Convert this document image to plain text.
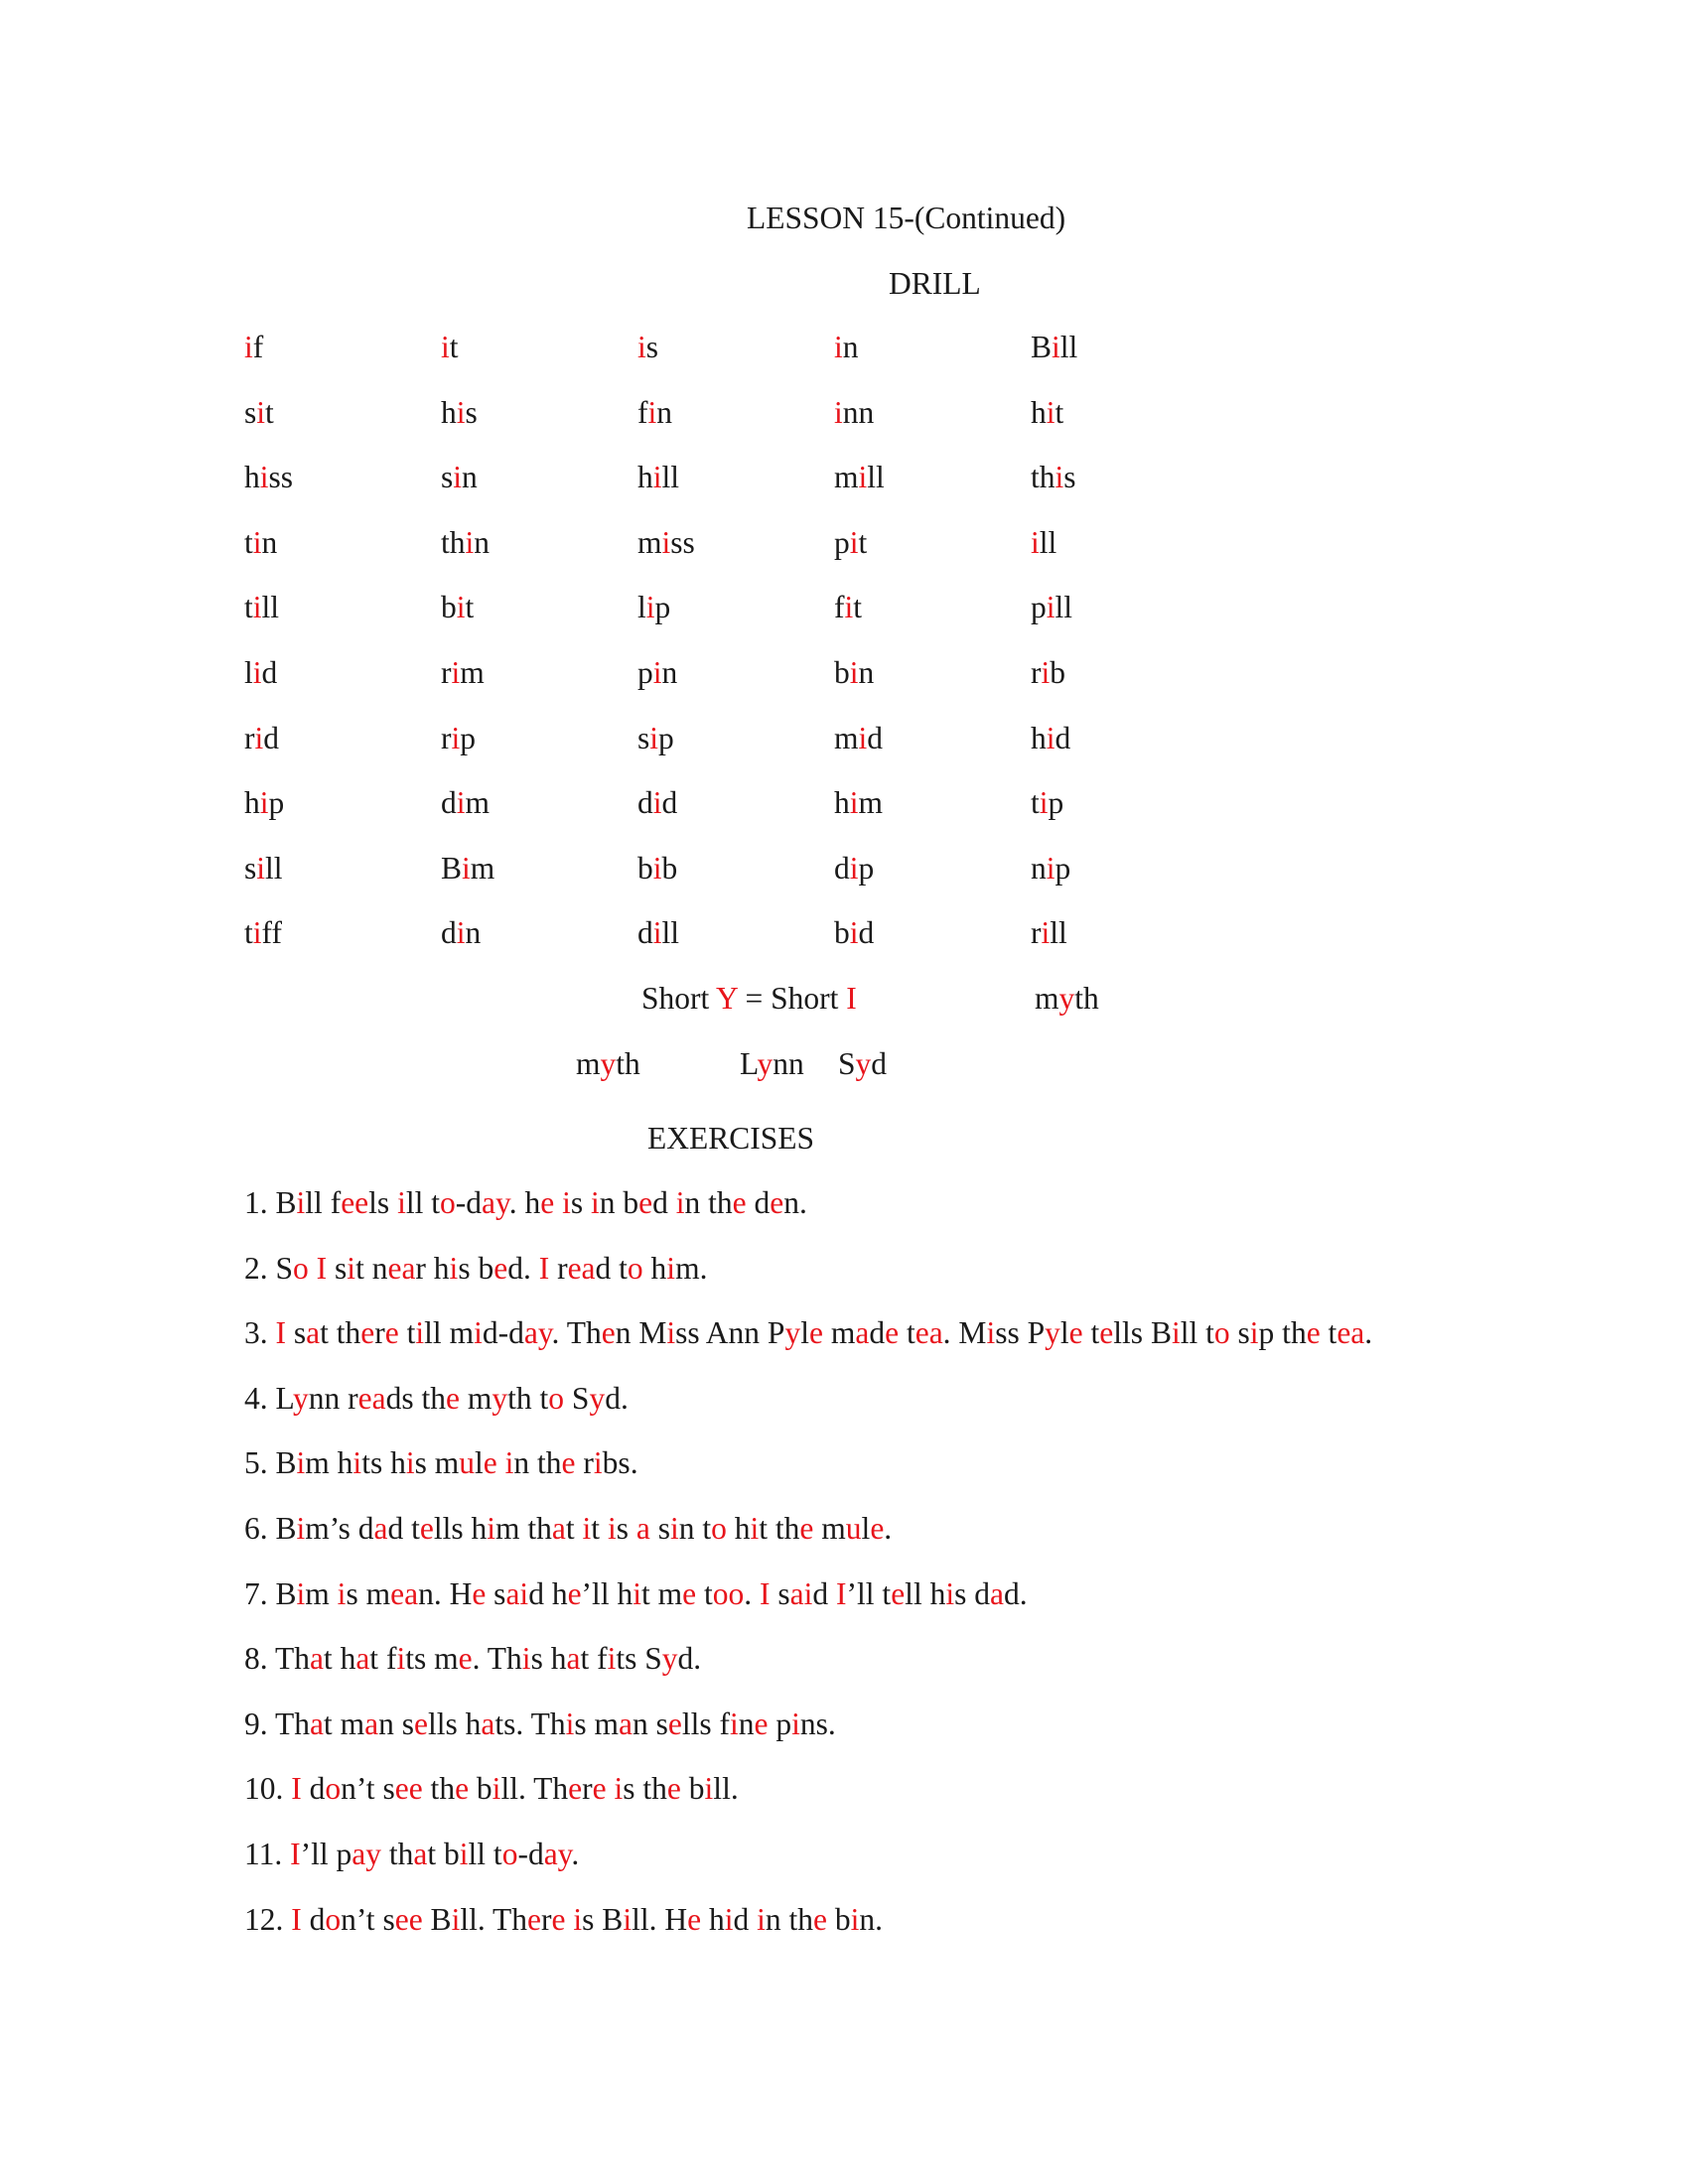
LESSON 15-(Continued)
DRILL
if	it	is	in	Bill
sit	his	fin	inn	hit
hiss	sin	hill	mill	this
tin	thin	miss	pit	ill
till	bit	lip	fit	pill
lid	rim	pin	bin	rib
rid	rip	sip	mid	hid
hip	dim	did	him	tip
sill	Bim	bib	dip	nip
tiff	din	dill	bid	rill
Short Y = Short I	myth
myth	Lynn Syd
EXERCISES
1. Bill feels ill to-day. he is in bed in the den.
2. So I sit near his bed. I read to him.
3. I sat there till mid-day. Then Miss Ann Pyle made tea. Miss Pyle tells Bill to sip the tea.
4. Lynn reads the myth to Syd.
5. Bim hits his mule in the ribs.
6. Bim’s dad tells him that it is a sin to hit the mule.
7. Bim is mean. He said he’ll hit me too. I said I’ll tell his dad.
8. That hat fits me. This hat fits Syd.
9. That man sells hats. This man sells fine pins.
10. I don’t see the bill. There is the bill.
11. I’ll pay that bill to-day.
12. I don’t see Bill. There is Bill. He hid in the bin.
